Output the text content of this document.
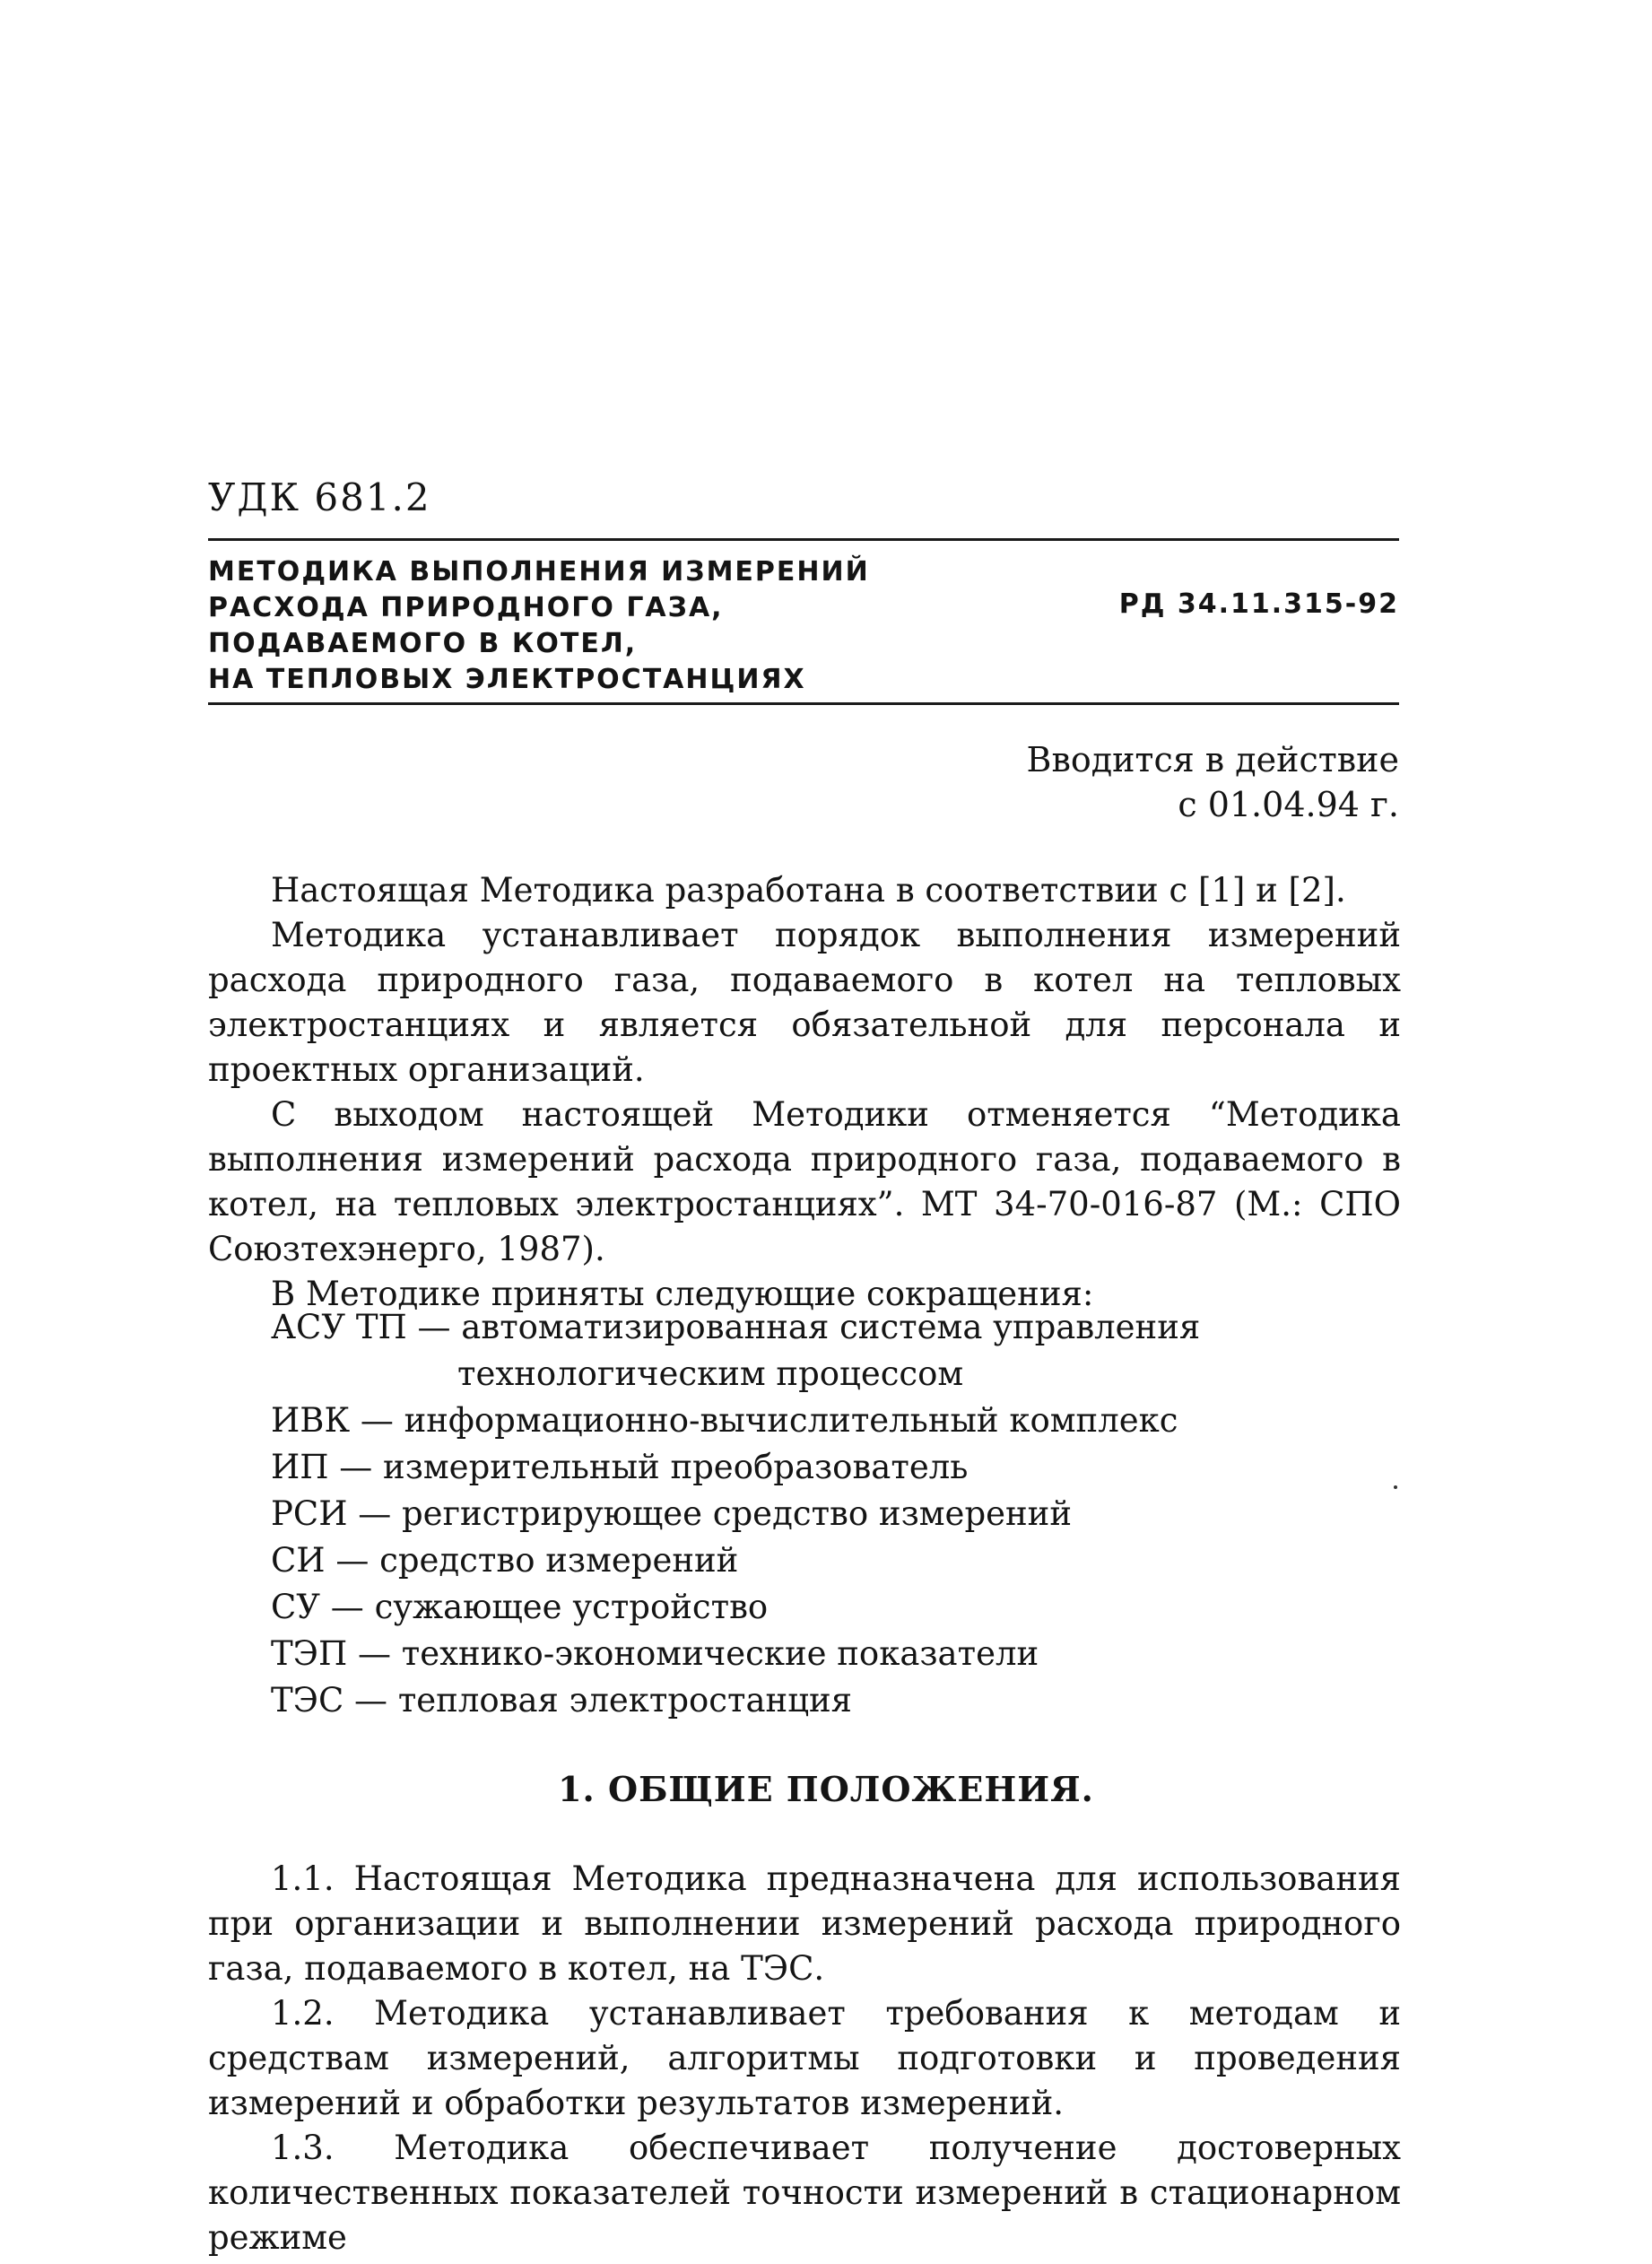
УДК 681.2
МЕТОДИКА ВЫПОЛНЕНИЯ ИЗМЕРЕНИЙ
РАСХОДА ПРИРОДНОГО ГАЗА,
ПОДАВАЕМОГО В КОТЕЛ,
НА ТЕПЛОВЫХ ЭЛЕКТРОСТАНЦИЯХ
РД 34.11.315-92
Вводится в действие
с 01.04.94 г.

Настоящая Методика разработана в соответствии с [1] и [2].

Методика устанавливает порядок выполнения измерений расхода природного газа, подаваемого в котел на тепловых электростанциях и является обязательной для персонала и проектных организаций.

С выходом настоящей Методики отменяется “Методика выполнения измерений расхода природного газа, подаваемого в котел, на тепловых электростанциях”. МТ 34-70-016-87 (М.: СПО Союзтехэнерго, 1987).

В Методике приняты следующие сокращения:

АСУ ТП — автоматизированная система управления технологическим процессом
ИВК — информационно-вычислительный комплекс
ИП — измерительный преобразователь
РСИ — регистрирующее средство измерений
СИ — средство измерений
СУ — сужающее устройство
ТЭП — технико-экономические показатели
ТЭС — тепловая электростанция
1. ОБЩИЕ ПОЛОЖЕНИЯ.

1.1. Настоящая Методика предназначена для использования при организации и выполнении измерений расхода природного газа, подаваемого в котел, на ТЭС.

1.2. Методика устанавливает требования к методам и средствам измерений, алгоритмы подготовки и проведения измерений и обработки результатов измерений.

1.3. Методика обеспечивает получение достоверных количественных показателей точности измерений в стационарном режиме
